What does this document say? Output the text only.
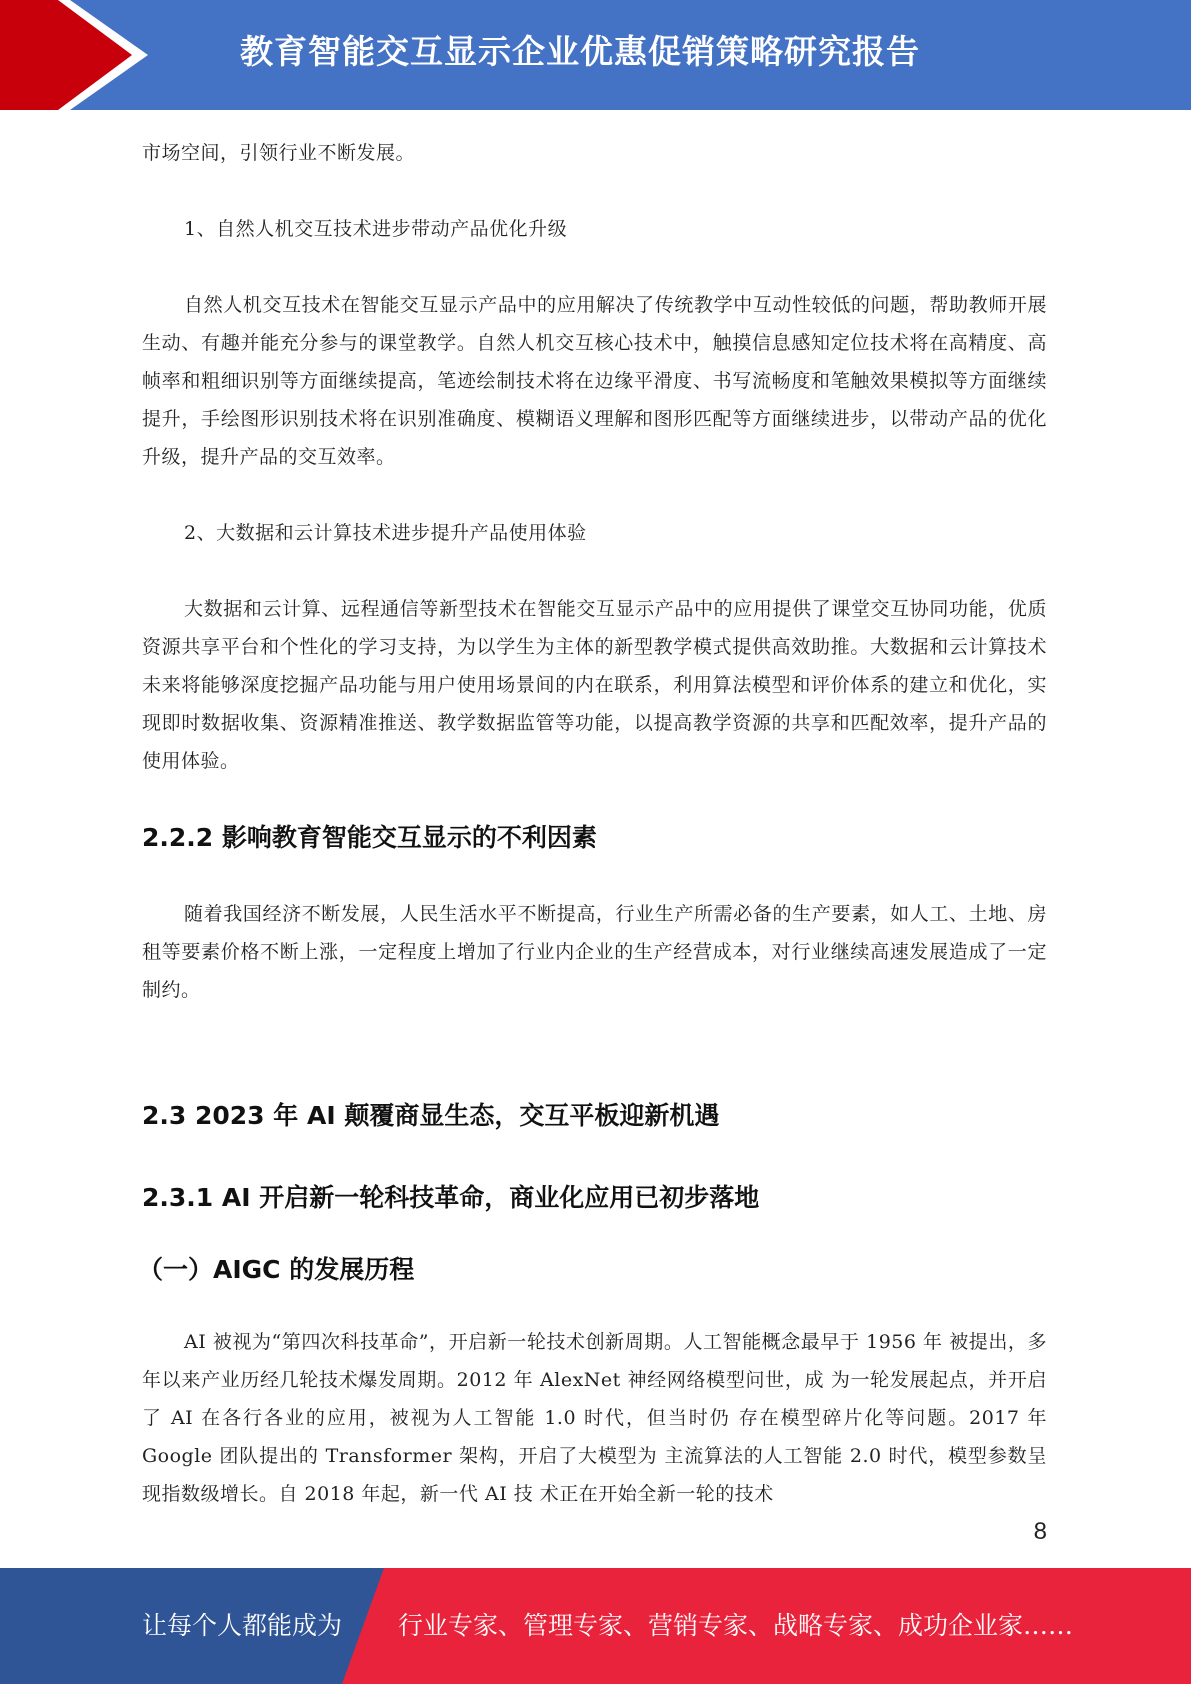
教育智能交互显示企业优惠促销策略研究报告
市场空间，引领行业不断发展。
1、自然人机交互技术进步带动产品优化升级
自然人机交互技术在智能交互显示产品中的应用解决了传统教学中互动性较低的问题，帮助教师开展生动、有趣并能充分参与的课堂教学。自然人机交互核心技术中，触摸信息感知定位技术将在高精度、高帧率和粗细识别等方面继续提高，笔迹绘制技术将在边缘平滑度、书写流畅度和笔触效果模拟等方面继续提升，手绘图形识别技术将在识别准确度、模糊语义理解和图形匹配等方面继续进步，以带动产品的优化升级，提升产品的交互效率。
2、大数据和云计算技术进步提升产品使用体验
大数据和云计算、远程通信等新型技术在智能交互显示产品中的应用提供了课堂交互协同功能，优质资源共享平台和个性化的学习支持，为以学生为主体的新型教学模式提供高效助推。大数据和云计算技术未来将能够深度挖掘产品功能与用户使用场景间的内在联系，利用算法模型和评价体系的建立和优化，实现即时数据收集、资源精准推送、教学数据监管等功能，以提高教学资源的共享和匹配效率，提升产品的使用体验。
2.2.2 影响教育智能交互显示的不利因素
随着我国经济不断发展，人民生活水平不断提高，行业生产所需必备的生产要素，如人工、土地、房租等要素价格不断上涨，一定程度上增加了行业内企业的生产经营成本，对行业继续高速发展造成了一定制约。
2.3 2023 年 AI 颠覆商显生态，交互平板迎新机遇
2.3.1 AI 开启新一轮科技革命，商业化应用已初步落地
（一）AIGC 的发展历程
AI 被视为“第四次科技革命”，开启新一轮技术创新周期。人工智能概念最早于 1956 年 被提出，多年以来产业历经几轮技术爆发周期。2012 年 AlexNet 神经网络模型问世，成 为一轮发展起点，并开启了 AI 在各行各业的应用，被视为人工智能 1.0 时代，但当时仍 存在模型碎片化等问题。2017 年 Google 团队提出的 Transformer 架构，开启了大模型为 主流算法的人工智能 2.0 时代，模型参数呈现指数级增长。自 2018 年起，新一代 AI 技 术正在开始全新一轮的技术
8
让每个人都能成为 行业专家、管理专家、营销专家、战略专家、成功企业家……
